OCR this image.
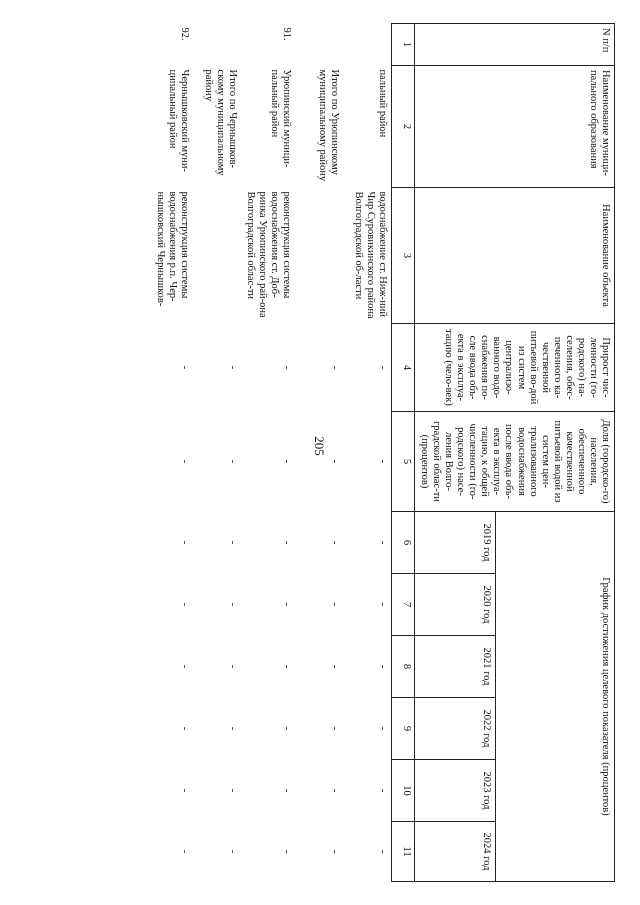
205
N п/п	Наименование муници-пального образования	Наименование объекта	Прирост чис-ленности (го-родского) на-селения, обес-печенного ка-чественной питьевой во-дой из систем централизо-ванного водо-снабжения по-сле ввода объ-екта в эксплуа-тацию (чело-век)	Доля (городско-го) населения, обеспеченного качественной питьевой водой из систем цен-трализованного водоснабжения после ввода объ-екта в эксплуа-тацию, к общей численности (го-родского) насе-ления Волго-градской облас-ти (процентов)	График достижения целевого показателя (процентов)					
					2019 год	2020 год	2021 год	2022 год	2023 год	2024 год
1	2	3	4	5	6	7	8	9	10	11
	пальный район	водоснабжение ст. Ниж-ний Чир Суровикинского района Волгоградской об-ласти	-	-	-	-	-	-	-	-
	Итого по Урюпинскому муниципальному району		-	-	-	-	-	-	-	-
91.	Урюпинский муници-пальный район	реконструкция системы водоснабжения ст. Доб-ринка Урюпинского рай-она Волгоградской облас-ти	-	-	-	-	-	-	-	-
	Итого по Чернышков-скому муниципальному району		-	-	-	-	-	-	-	-
92.	Чернышковский муни-ципальный район	реконструкция системы водоснабжения р.п. Чер-нышковский Чернышков-	-	-	-	-	-	-	-	-
